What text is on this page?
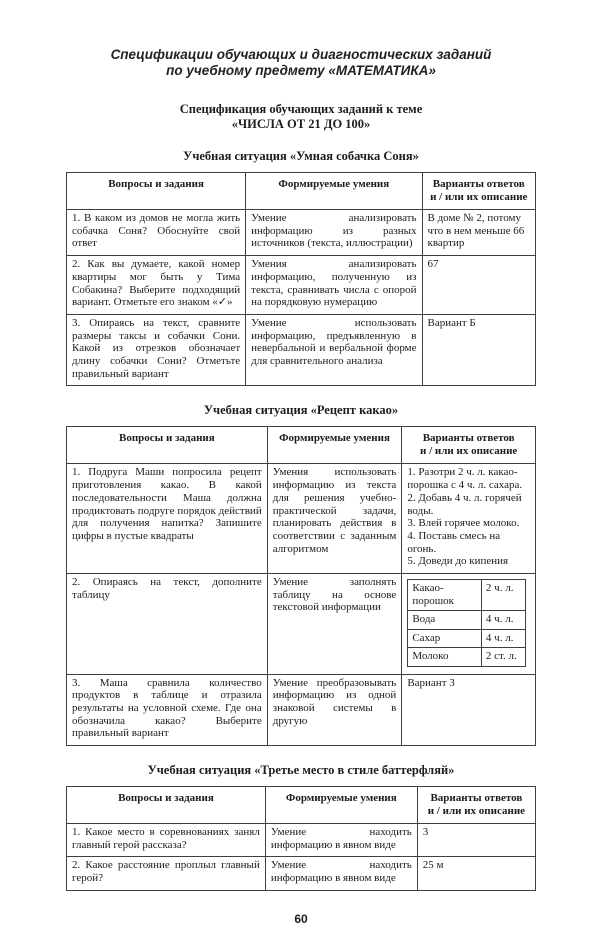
Спецификации обучающих и диагностических заданий
по учебному предмету «МАТЕМАТИКА»
Спецификация обучающих заданий к теме
«ЧИСЛА ОТ 21 ДО 100»
Учебная ситуация «Умная собачка Соня»
Вопросы и задания	Формируемые умения	Варианты ответов
и / или их описание

1. В каком из домов не могла жить собачка Соня? Обоснуйте свой ответ	Умение анализировать информацию из разных источников (текста, иллюстрации)	В доме № 2, потому что в нем меньше 66 квартир
2. Как вы думаете, какой номер квартиры мог быть у Тима Собакина? Выберите подходящий вариант. Отметьте его знаком «✓»	Умения анализировать информацию, полученную из текста, сравнивать числа с опорой на порядковую нумерацию	67
3. Опираясь на текст, сравните размеры таксы и собачки Сони. Какой из отрезков обозначает длину собачки Сони? Отметьте правильный вариант	Умение использовать информацию, предъявленную в невербальной и вербальной форме для сравнительного анализа	Вариант Б
Учебная ситуация «Рецепт какао»
Вопросы и задания	Формируемые умения	Варианты ответов
и / или их описание

1. Подруга Маши попросила рецепт приготовления какао. В какой последовательности Маша должна продиктовать подруге порядок действий для получения напитка? Запишите цифры в пустые квадраты	Умения использовать информацию из текста для решения учебно-практической задачи, планировать действия в соответствии с заданным алгоритмом	
1. Разотри 2 ч. л. какао-порошка с 4 ч. л. сахара.
2. Добавь 4 ч. л. горячей воды.
3. Влей горячее молоко.
4. Поставь смесь на огонь.
5. Доведи до кипения

2. Опираясь на текст, дополните таблицу	Умение заполнять таблицу на основе текстовой информации	
Какао-порошок	2 ч. л.
Вода	4 ч. л.
Сахар	4 ч. л.
Молоко	2 ст. л.

3. Маша сравнила количество продуктов в таблице и отразила результаты на условной схеме. Где она обозначила какао? Выберите правильный вариант	Умение преобразовывать информацию из одной знаковой системы в другую	Вариант 3
Учебная ситуация «Третье место в стиле баттерфляй»
Вопросы и задания	Формируемые умения	Варианты ответов
и / или их описание

1. Какое место в соревнованиях занял главный герой рассказа?	Умение находить информацию в явном виде	3
2. Какое расстояние проплыл главный герой?	Умение находить информацию в явном виде	25 м
60
